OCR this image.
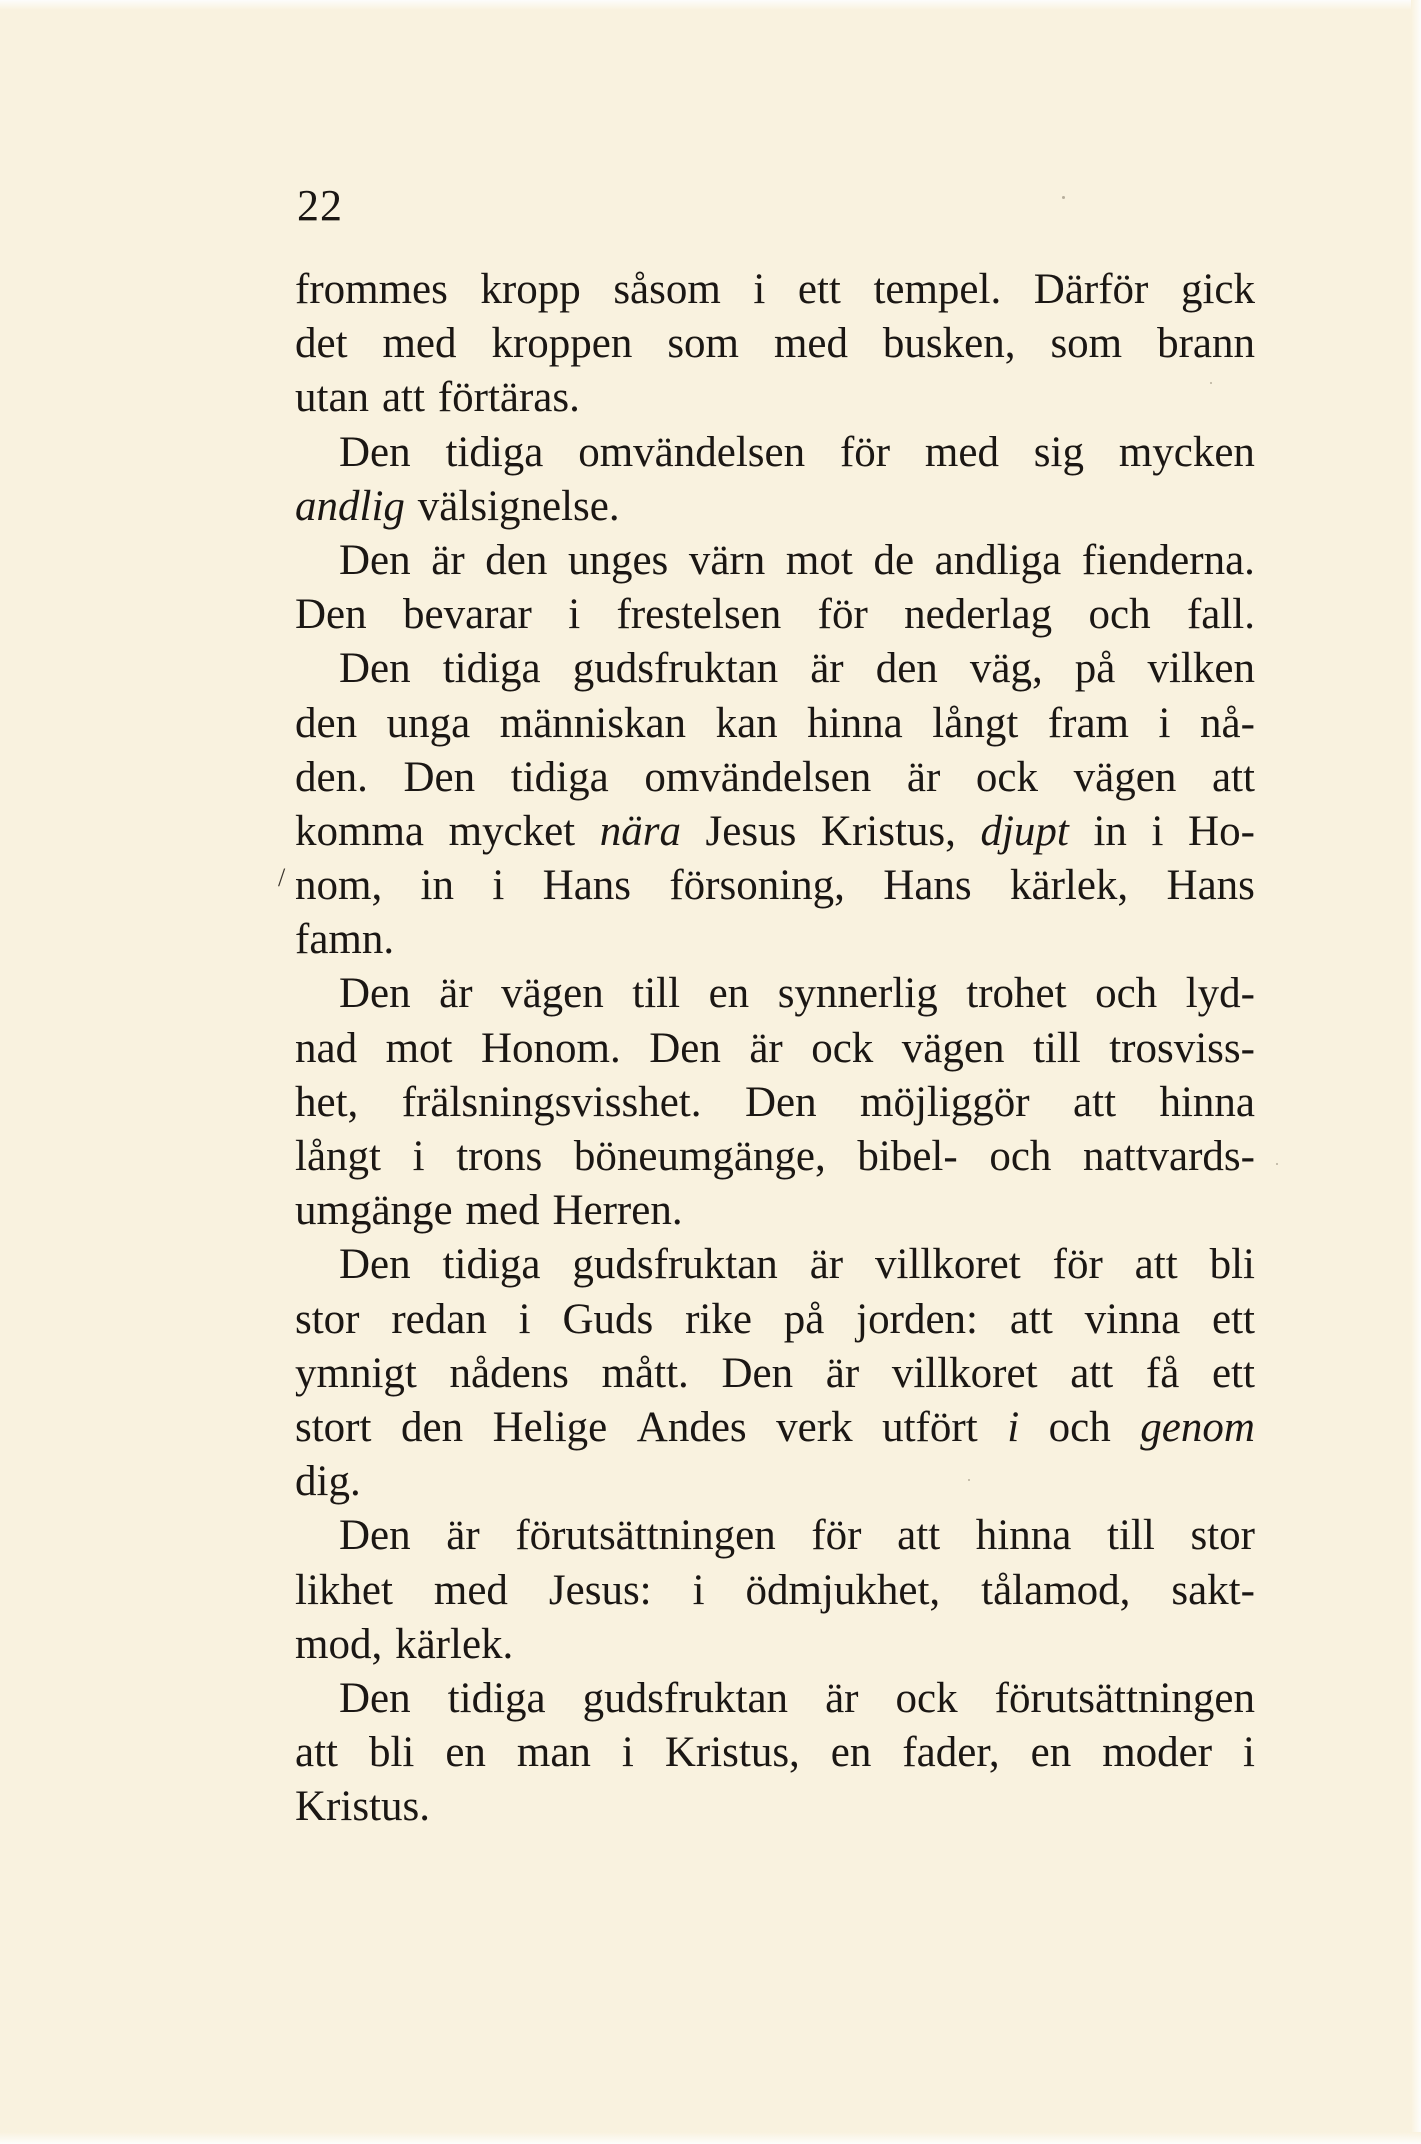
22
/
frommes kropp såsom i ett tempel. Därför gick
det med kroppen som med busken, som brann
utan att förtäras.
Den tidiga omvändelsen för med sig mycken
andlig välsignelse.
Den är den unges värn mot de andliga fienderna.
Den bevarar i frestelsen för nederlag och fall.
Den tidiga gudsfruktan är den väg, på vilken
den unga människan kan hinna långt fram i nå-
den. Den tidiga omvändelsen är ock vägen att
komma mycket nära Jesus Kristus, djupt in i Ho-
nom, in i Hans försoning, Hans kärlek, Hans
famn.
Den är vägen till en synnerlig trohet och lyd-
nad mot Honom. Den är ock vägen till trosviss-
het, frälsningsvisshet. Den möjliggör att hinna
långt i trons böneumgänge, bibel- och nattvards-
umgänge med Herren.
Den tidiga gudsfruktan är villkoret för att bli
stor redan i Guds rike på jorden: att vinna ett
ymnigt nådens mått. Den är villkoret att få ett
stort den Helige Andes verk utfört i och genom
dig.
Den är förutsättningen för att hinna till stor
likhet med Jesus: i ödmjukhet, tålamod, sakt-
mod, kärlek.
Den tidiga gudsfruktan är ock förutsättningen
att bli en man i Kristus, en fader, en moder i
Kristus.
